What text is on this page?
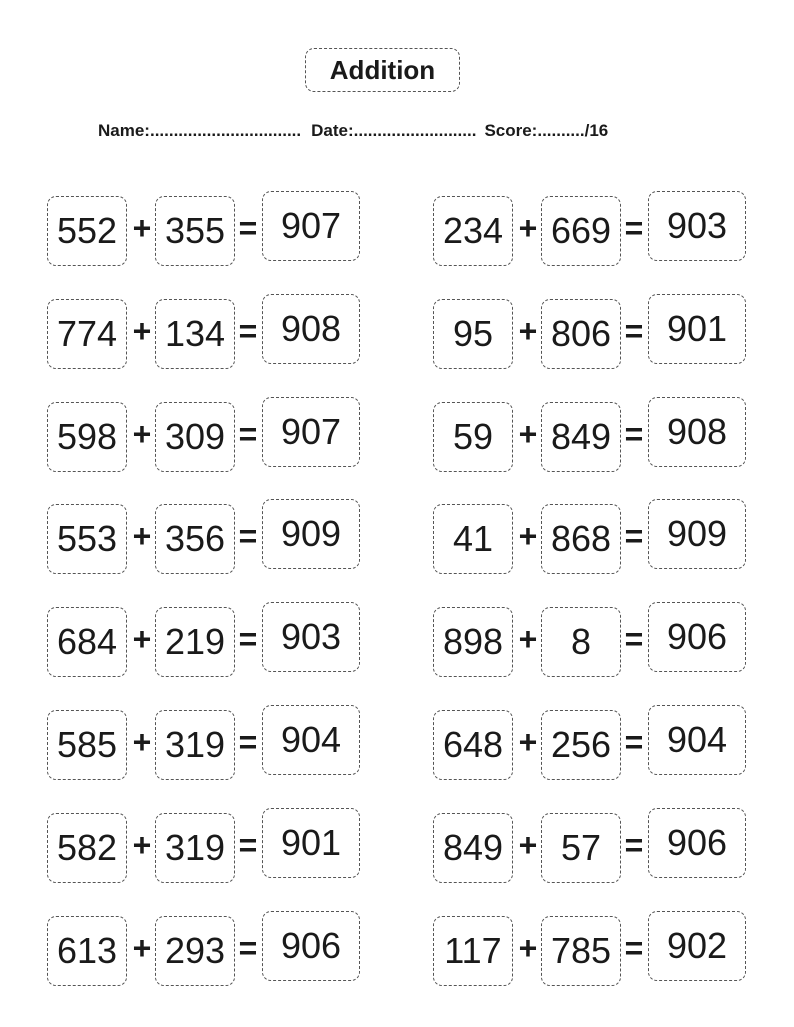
Addition
Name: ................................ Date: .......................... Score: .......... /16
552 + 355 = 907
774 + 134 = 908
598 + 309 = 907
553 + 356 = 909
684 + 219 = 903
585 + 319 = 904
582 + 319 = 901
613 + 293 = 906
234 + 669 = 903
95 + 806 = 901
59 + 849 = 908
41 + 868 = 909
898 + 8	= 906
648 + 256 = 904
849 + 57 = 906
117 + 785 = 902
